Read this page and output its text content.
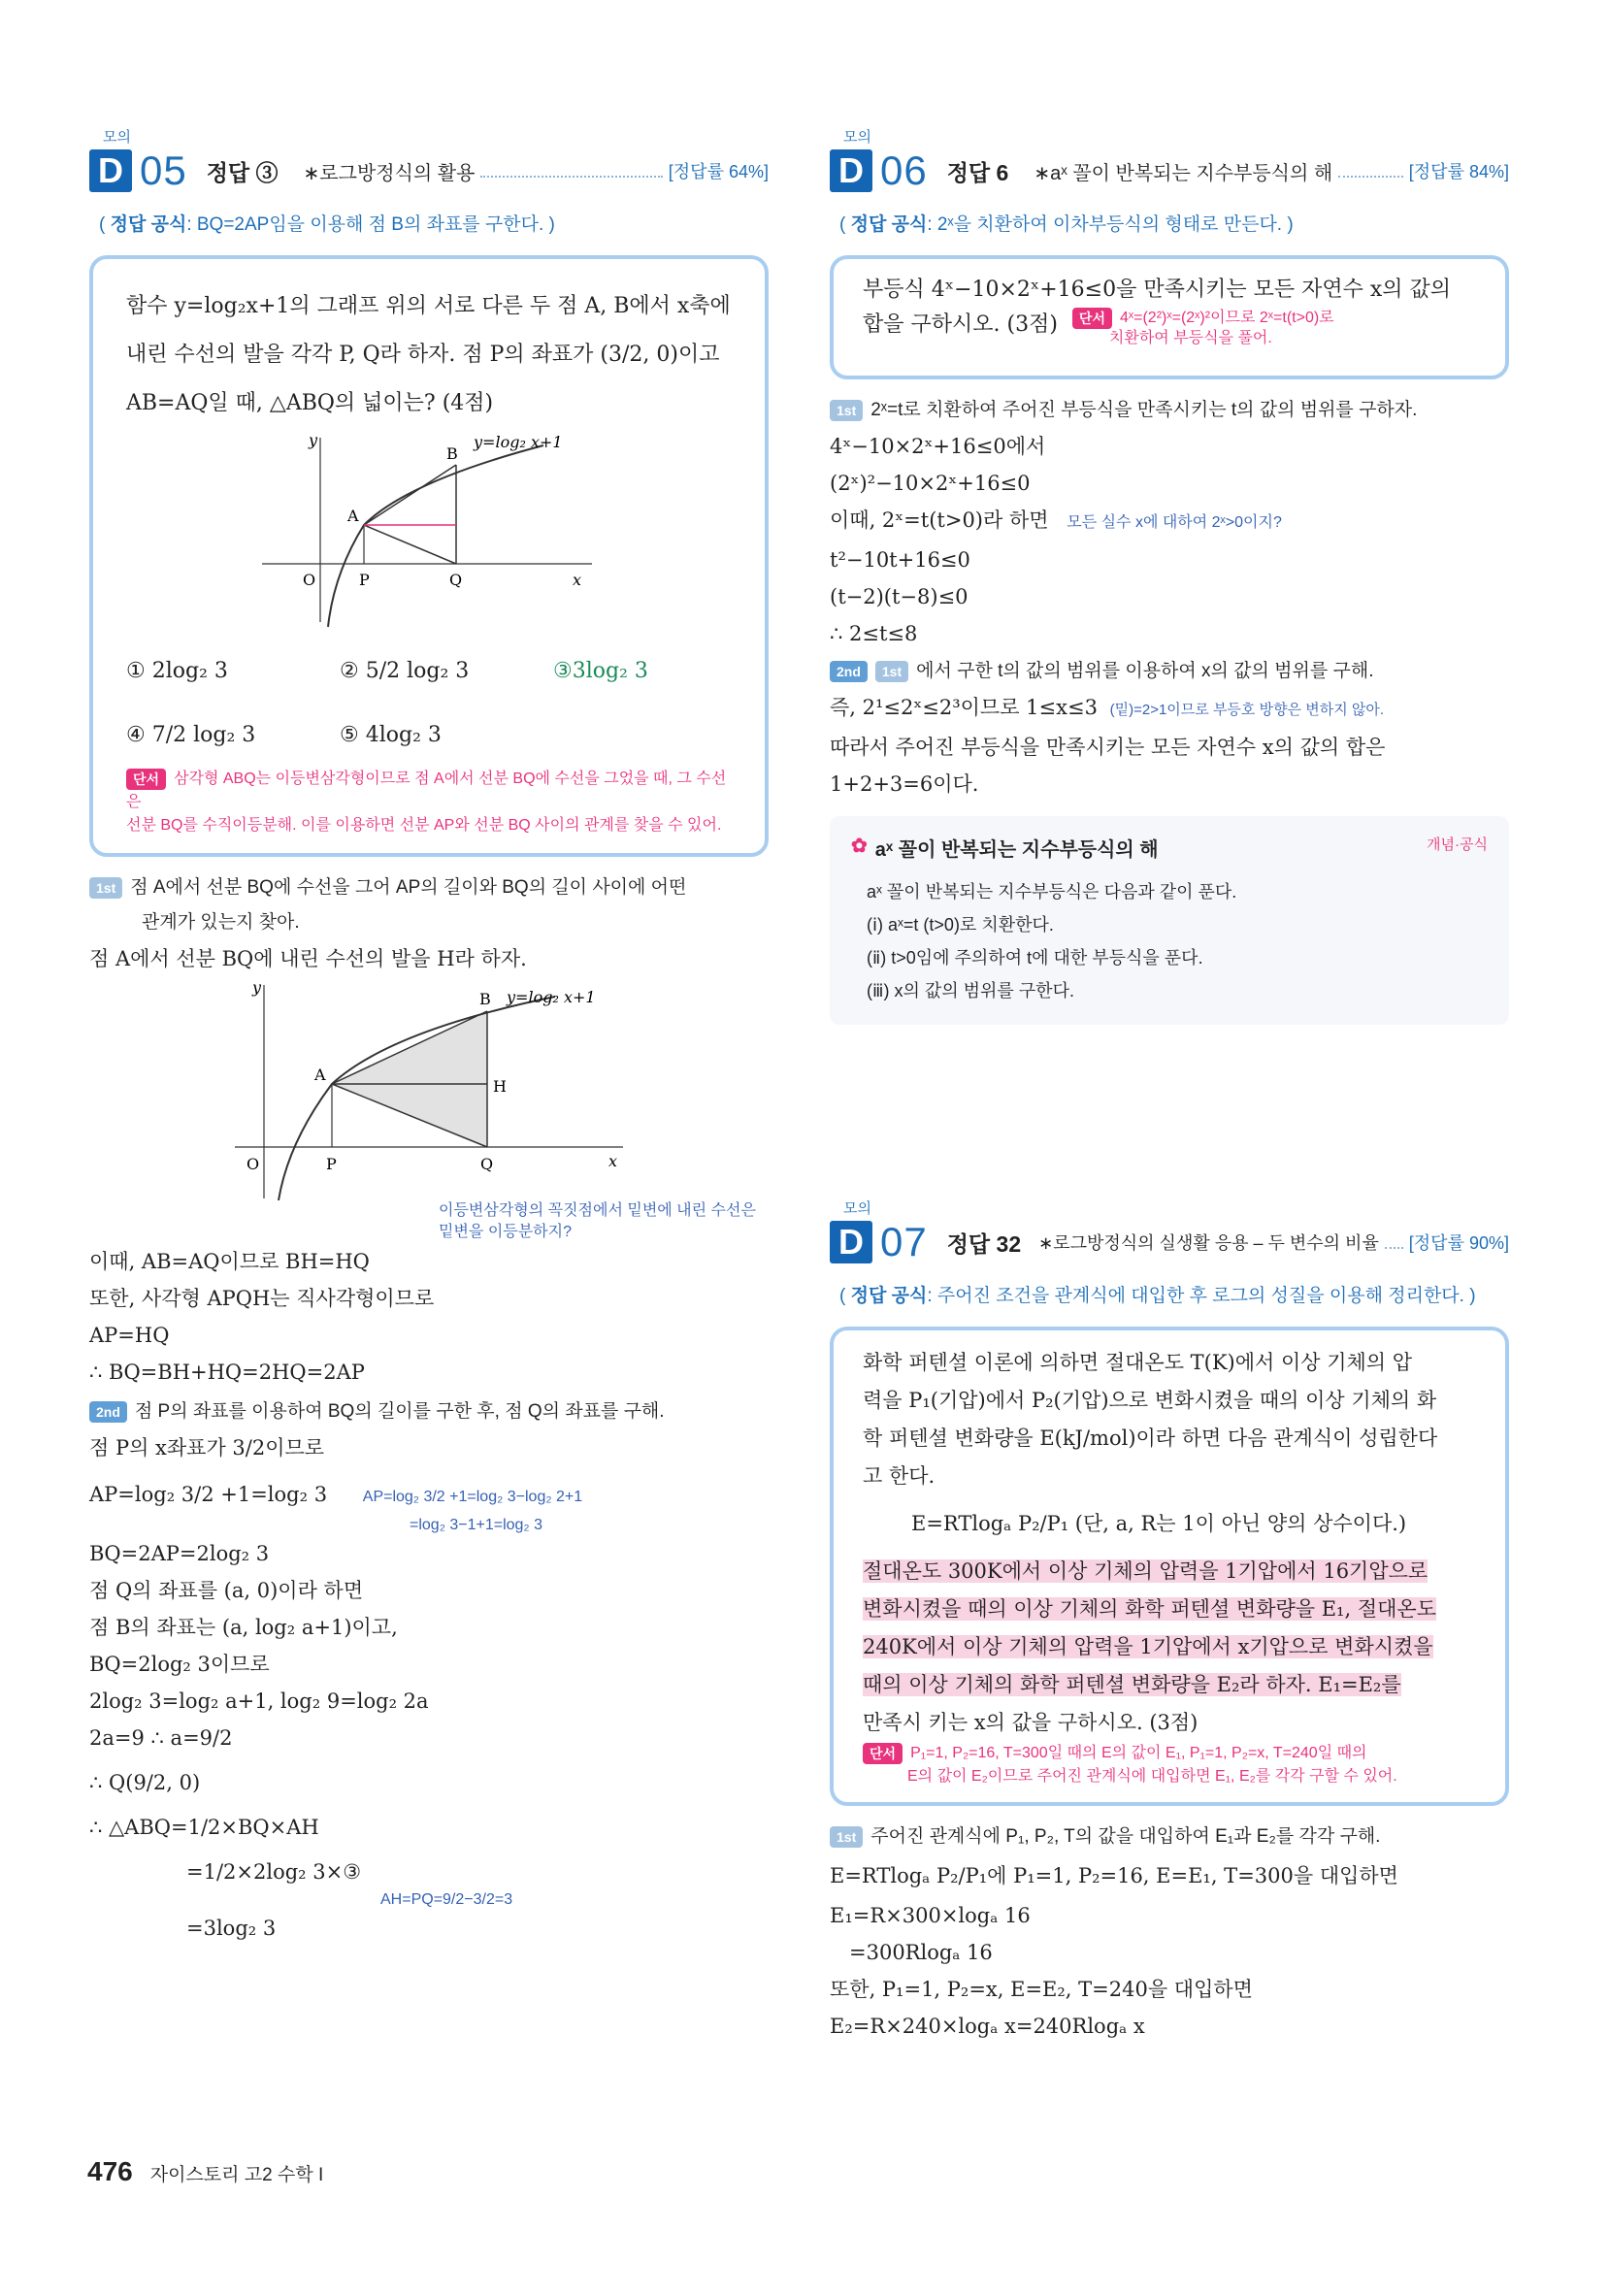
모의
D 05 정답 ③ ∗로그방정식의 활용	[정답률 64%]
( 정답 공식: BQ=2AP임을 이용해 점 B의 좌표를 구한다. )
함수 y=log₂x+1의 그래프 위의 서로 다른 두 점 A, B에서 x축에
내린 수선의 발을 각각 P, Q라 하자. 점 P의 좌표가 (3/2, 0)이고
AB=AQ일 때, △ABQ의 넓이는? (4점)
y
x
O	P	Q
A
B
y=log₂ x+1
① 2log₂ 3	② 5/2 log₂ 3	③3log₂ 3
④ 7/2 log₂ 3	⑤ 4log₂ 3
단서 삼각형 ABQ는 이등변삼각형이므로 점 A에서 선분 BQ에 수선을 그었을 때, 그 수선은
선분 BQ를 수직이등분해. 이를 이용하면 선분 AP와 선분 BQ 사이의 관계를 찾을 수 있어.
1st 점 A에서 선분 BQ에 수선을 그어 AP의 길이와 BQ의 길이 사이에 어떤
관계가 있는지 찾아.
점 A에서 선분 BQ에 내린 수선의 발을 H라 하자.
y
x
O	P	Q
A
B
H
y=log₂ x+1
이등변삼각형의 꼭짓점에서 밑변에 내린 수선은
밑변을 이등분하지?
이때, AB=AQ이므로 BH=HQ
또한, 사각형 APQH는 직사각형이므로
AP=HQ
∴ BQ=BH+HQ=2HQ=2AP
2nd 점 P의 좌표를 이용하여 BQ의 길이를 구한 후, 점 Q의 좌표를 구해.
점 P의 x좌표가 3/2이므로
AP=log₂ 3/2 +1=log₂ 3 AP=log₂ 3/2 +1=log₂ 3−log₂ 2+1
=log₂ 3−1+1=log₂ 3
BQ=2AP=2log₂ 3
점 Q의 좌표를 (a, 0)이라 하면
점 B의 좌표는 (a, log₂ a+1)이고,
BQ=2log₂ 3이므로
2log₂ 3=log₂ a+1, log₂ 9=log₂ 2a
2a=9 ∴ a=9/2
∴ Q(9/2, 0)
∴ △ABQ=1/2×BQ×AH
=1/2×2log₂ 3×③
AH=PQ=9/2−3/2=3
=3log₂ 3
모의
D 06 정답 6 ∗aˣ 꼴이 반복되는 지수부등식의 해	[정답률 84%]
( 정답 공식: 2ˣ을 치환하여 이차부등식의 형태로 만든다. )
부등식 4ˣ−10×2ˣ+16≤0을 만족시키는 모든 자연수 x의 값의
합을 구하시오. (3점) 단서 4ˣ=(2²)ˣ=(2ˣ)²이므로 2ˣ=t(t>0)로
치환하여 부등식을 풀어.
1st 2ˣ=t로 치환하여 주어진 부등식을 만족시키는 t의 값의 범위를 구하자.
4ˣ−10×2ˣ+16≤0에서
(2ˣ)²−10×2ˣ+16≤0
이때, 2ˣ=t(t>0)라 하면 모든 실수 x에 대하여 2ˣ>0이지?
t²−10t+16≤0
(t−2)(t−8)≤0
∴ 2≤t≤8
2nd 1st 에서 구한 t의 값의 범위를 이용하여 x의 값의 범위를 구해.
즉, 2¹≤2ˣ≤2³이므로 1≤x≤3 (밑)=2>1이므로 부등호 방향은 변하지 않아.
따라서 주어진 부등식을 만족시키는 모든 자연수 x의 값의 합은
1+2+3=6이다.
✿ aˣ 꼴이 반복되는 지수부등식의 해	개념·공식
aˣ 꼴이 반복되는 지수부등식은 다음과 같이 푼다.
(ⅰ) aˣ=t (t>0)로 치환한다.
(ⅱ) t>0임에 주의하여 t에 대한 부등식을 푼다.
(ⅲ) x의 값의 범위를 구한다.
모의
D 07 정답 32 ∗로그방정식의 실생활 응용 – 두 변수의 비율 [정답률 90%]
( 정답 공식: 주어진 조건을 관계식에 대입한 후 로그의 성질을 이용해 정리한다. )
화학 퍼텐셜 이론에 의하면 절대온도 T(K)에서 이상 기체의 압
력을 P₁(기압)에서 P₂(기압)으로 변화시켰을 때의 이상 기체의 화
학 퍼텐셜 변화량을 E(kJ/mol)이라 하면 다음 관계식이 성립한다
고 한다.
E=RTlogₐ P₂/P₁ (단, a, R는 1이 아닌 양의 상수이다.)
절대온도 300K에서 이상 기체의 압력을 1기압에서 16기압으로
변화시켰을 때의 이상 기체의 화학 퍼텐셜 변화량을 E₁, 절대온도
240K에서 이상 기체의 압력을 1기압에서 x기압으로 변화시켰을
때의 이상 기체의 화학 퍼텐셜 변화량을 E₂라 하자. E₁=E₂를
만족시 키는 x의 값을 구하시오. (3점)
단서 P₁=1, P₂=16, T=300일 때의 E의 값이 E₁, P₁=1, P₂=x, T=240일 때의
E의 값이 E₂이므로 주어진 관계식에 대입하면 E₁, E₂를 각각 구할 수 있어.
1st 주어진 관계식에 P₁, P₂, T의 값을 대입하여 E₁과 E₂를 각각 구해.
E=RTlogₐ P₂/P₁에 P₁=1, P₂=16, E=E₁, T=300을 대입하면
E₁=R×300×logₐ 16
=300Rlogₐ 16
또한, P₁=1, P₂=x, E=E₂, T=240을 대입하면
E₂=R×240×logₐ x=240Rlogₐ x
476 자이스토리 고2 수학 I
